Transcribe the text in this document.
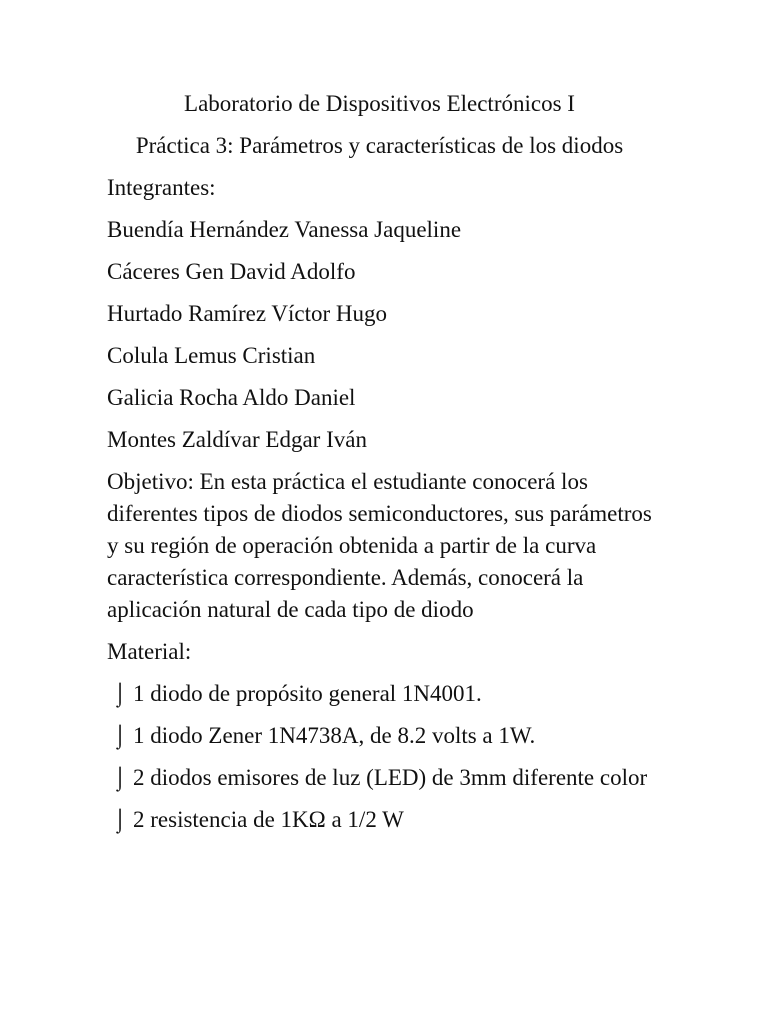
Laboratorio de Dispositivos Electrónicos I
Práctica 3: Parámetros y características de los diodos
Integrantes:
Buendía Hernández Vanessa Jaqueline
Cáceres Gen David Adolfo
Hurtado Ramírez Víctor Hugo
Colula Lemus Cristian
Galicia Rocha Aldo Daniel
Montes Zaldívar Edgar Iván
Objetivo: En esta práctica el estudiante conocerá los diferentes tipos de diodos semiconductores, sus parámetros y su región de operación obtenida a partir de la curva característica correspondiente. Además, conocerá la aplicación natural de cada tipo de diodo
Material:
⌡ 1 diodo de propósito general 1N4001.
⌡ 1 diodo Zener 1N4738A, de 8.2 volts a 1W.
⌡ 2 diodos emisores de luz (LED) de 3mm diferente color
⌡ 2 resistencia de 1KΩ a 1/2 W
